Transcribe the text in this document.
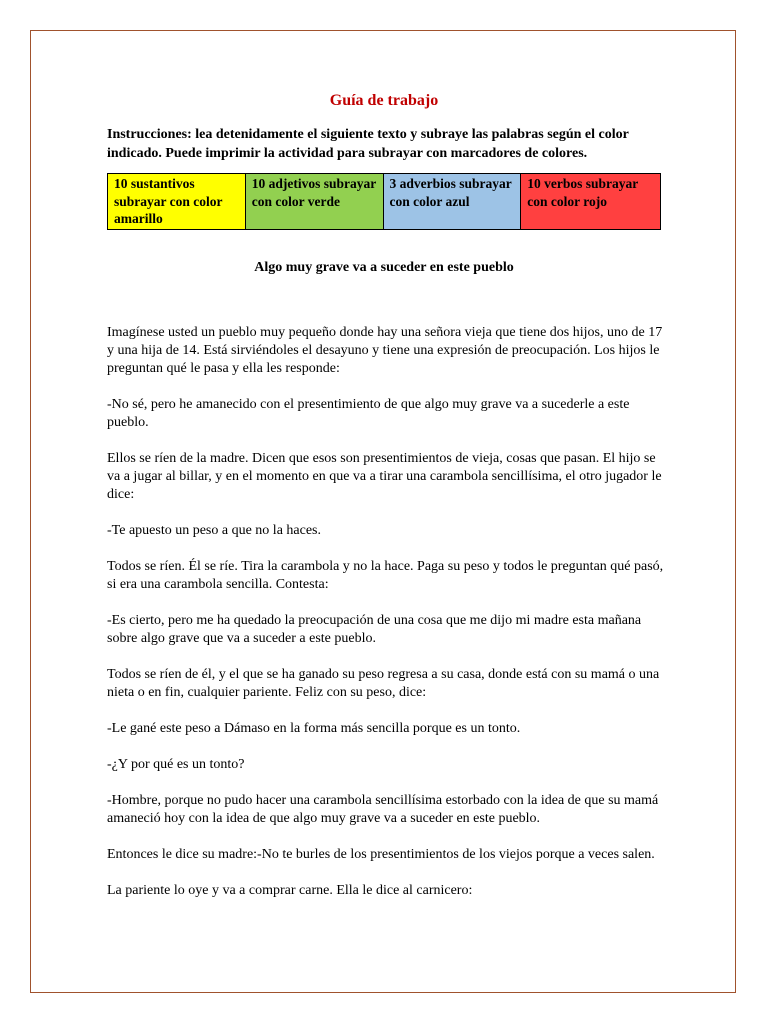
Guía de trabajo
Instrucciones: lea detenidamente el siguiente texto y subraye las palabras según el color indicado. Puede imprimir la actividad para subrayar con marcadores de colores.
10 sustantivos subrayar con color amarillo	10 adjetivos subrayar con color verde	3 adverbios subrayar con color azul	10 verbos subrayar con color rojo
Algo muy grave va a suceder en este pueblo

Imagínese usted un pueblo muy pequeño donde hay una señora vieja que tiene dos hijos, uno de 17 y una hija de 14. Está sirviéndoles el desayuno y tiene una expresión de preocupación. Los hijos le preguntan qué le pasa y ella les responde:

-No sé, pero he amanecido con el presentimiento de que algo muy grave va a sucederle a este pueblo.

Ellos se ríen de la madre. Dicen que esos son presentimientos de vieja, cosas que pasan. El hijo se va a jugar al billar, y en el momento en que va a tirar una carambola sencillísima, el otro jugador le dice:

-Te apuesto un peso a que no la haces.

Todos se ríen. Él se ríe. Tira la carambola y no la hace. Paga su peso y todos le preguntan qué pasó, si era una carambola sencilla. Contesta:

-Es cierto, pero me ha quedado la preocupación de una cosa que me dijo mi madre esta mañana sobre algo grave que va a suceder a este pueblo.

Todos se ríen de él, y el que se ha ganado su peso regresa a su casa, donde está con su mamá o una nieta o en fin, cualquier pariente. Feliz con su peso, dice:

-Le gané este peso a Dámaso en la forma más sencilla porque es un tonto.

-¿Y por qué es un tonto?

-Hombre, porque no pudo hacer una carambola sencillísima estorbado con la idea de que su mamá amaneció hoy con la idea de que algo muy grave va a suceder en este pueblo.

Entonces le dice su madre:-No te burles de los presentimientos de los viejos porque a veces salen.

La pariente lo oye y va a comprar carne. Ella le dice al carnicero:
